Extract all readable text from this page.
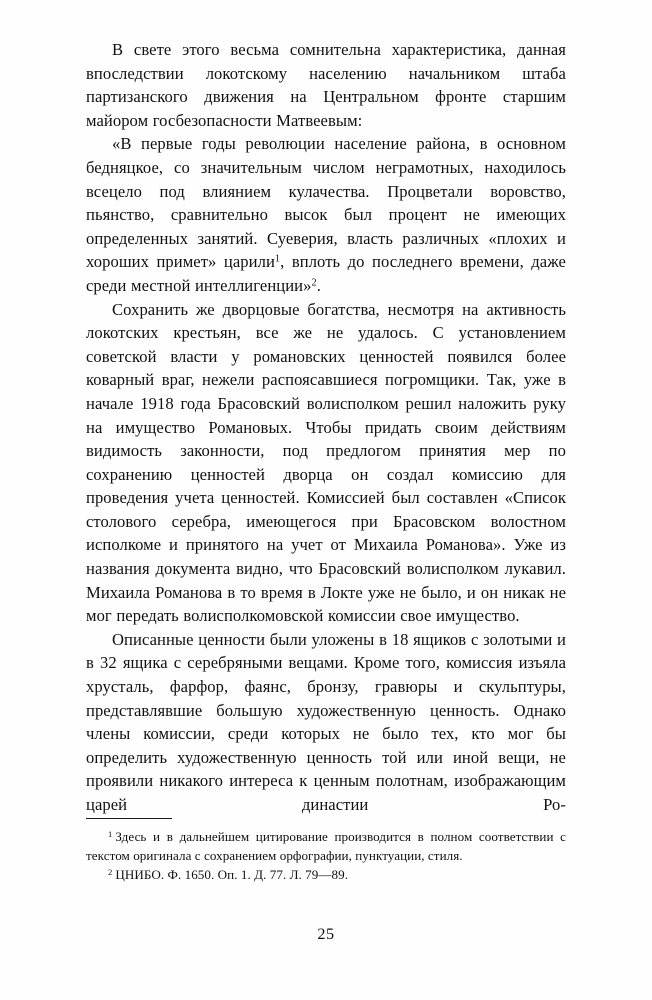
В свете этого весьма сомнительна характеристика, данная впоследствии локотскому населению начальником штаба партизанского движения на Центральном фронте старшим майором госбезопасности Матвеевым:

«В первые годы революции население района, в основном бедняцкое, со значительным числом неграмотных, находилось всецело под влиянием кулачества. Процветали воровство, пьянство, сравнительно высок был процент не имеющих определенных занятий. Суеверия, власть различных «плохих и хороших примет» царили$^1$, вплоть до последнего времени, даже среди местной интеллигенции»$^2$.

Сохранить же дворцовые богатства, несмотря на активность локотских крестьян, все же не удалось. С установлением советской власти у романовских ценностей появился более коварный враг, нежели распоясавшиеся погромщики. Так, уже в начале 1918 года Брасовский волисполком решил наложить руку на имущество Романовых. Чтобы придать своим действиям видимость законности, под предлогом принятия мер по сохранению ценностей дворца он создал комиссию для проведения учета ценностей. Комиссией был составлен «Список столового серебра, имеющегося при Брасовском волостном исполкоме и принятого на учет от Михаила Романова». Уже из названия документа видно, что Брасовский волисполком лукавил. Михаила Романова в то время в Локте уже не было, и он никак не мог передать волисполкомовской комиссии свое имущество.

Описанные ценности были уложены в 18 ящиков с золотыми и в 32 ящика с серебряными вещами. Кроме того, комиссия изъяла хрусталь, фарфор, фаянс, бронзу, гравюры и скульптуры, представлявшие большую художественную ценность. Однако члены комиссии, среди которых не было тех, кто мог бы определить художественную ценность той или иной вещи, не проявили никакого интереса к ценным полотнам, изображающим царей династии Ро-

$^1$ Здесь и в дальнейшем цитирование производится в полном соответствии с текстом оригинала с сохранением орфографии, пунктуации, стиля.

$^2$ ЦНИБО. Ф. 1650. Оп. 1. Д. 77. Л. 79—89.

25
